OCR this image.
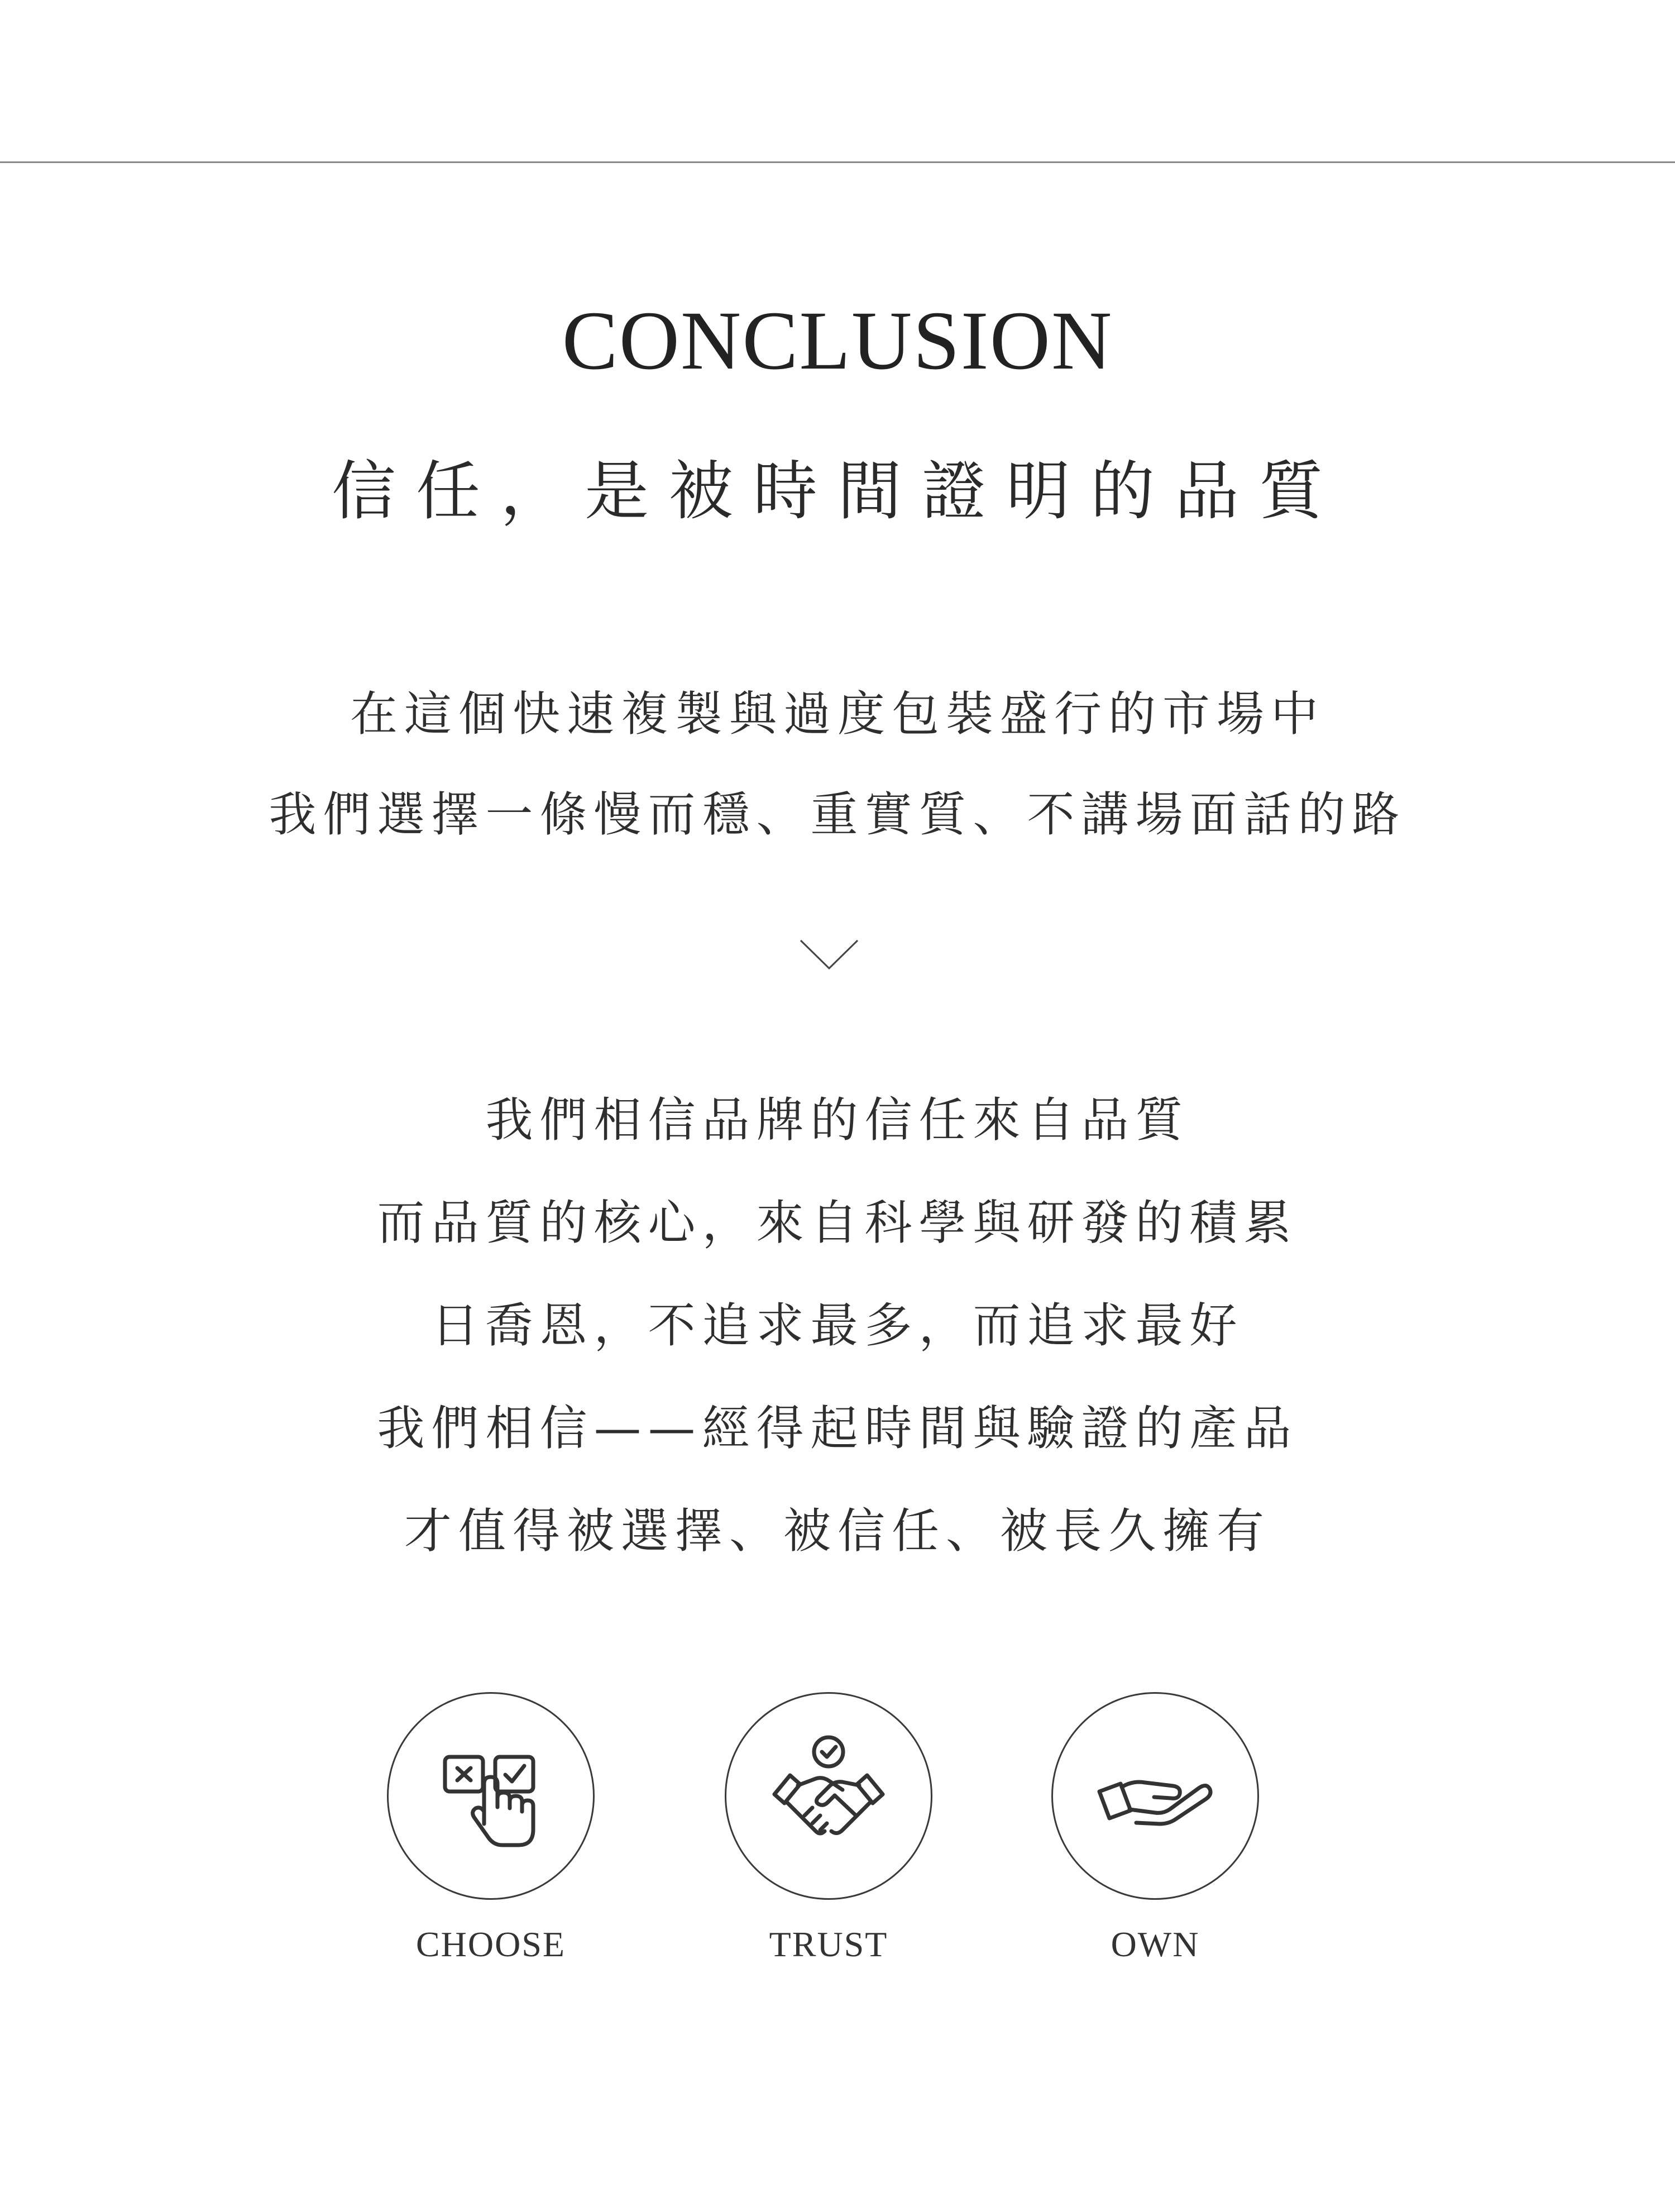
CONCLUSION
信任，是被時間證明的品質
在這個快速複製與過度包裝盛行的市場中
我們選擇一條慢而穩、重實質、不講場面話的路
我們相信品牌的信任來自品質
而品質的核心，來自科學與研發的積累
日喬恩，不追求最多，而追求最好
我們相信——經得起時間與驗證的產品
才值得被選擇、被信任、被長久擁有
CHOOSE	TRUST	OWN
